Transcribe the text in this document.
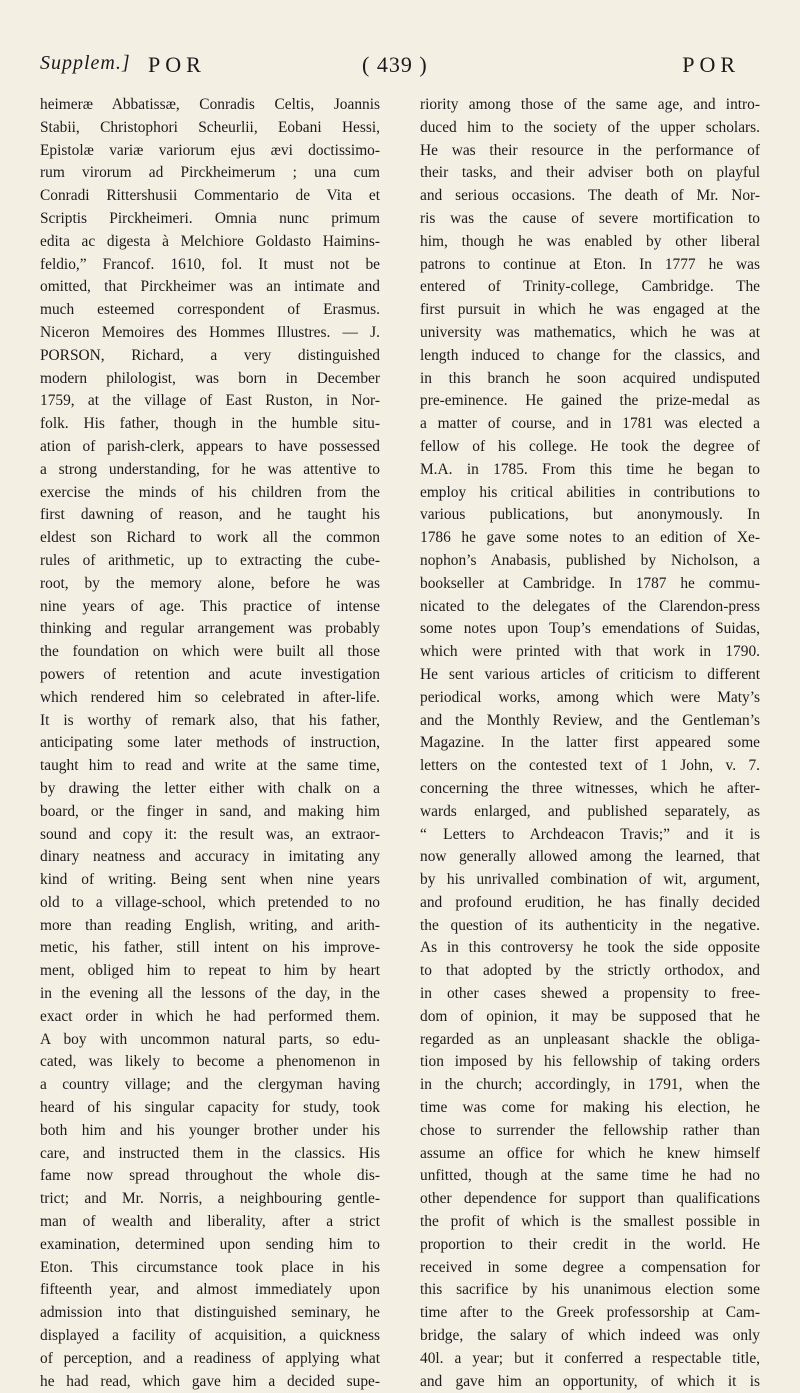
Supplem.] POR	( 439 )	POR
heimeræ Abbatissæ, Conradis Celtis, Joannis
Stabii, Christophori Scheurlii, Eobani Hessi,
Epistolæ variæ variorum ejus ævi doctissimo-
rum virorum ad Pirckheimerum ; una cum
Conradi Rittershusii Commentario de Vita et
Scriptis Pirckheimeri. Omnia nunc primum
edita ac digesta à Melchiore Goldasto Haimins-
feldio,” Francof. 1610, fol. It must not be
omitted, that Pirckheimer was an intimate and
much esteemed correspondent of Erasmus.
Niceron Memoires des Hommes Illustres. — J.
PORSON, Richard, a very distinguished
modern philologist, was born in December
1759, at the village of East Ruston, in Nor-
folk. His father, though in the humble situ-
ation of parish-clerk, appears to have possessed
a strong understanding, for he was attentive to
exercise the minds of his children from the
first dawning of reason, and he taught his
eldest son Richard to work all the common
rules of arithmetic, up to extracting the cube-
root, by the memory alone, before he was
nine years of age. This practice of intense
thinking and regular arrangement was probably
the foundation on which were built all those
powers of retention and acute investigation
which rendered him so celebrated in after-life.
It is worthy of remark also, that his father,
anticipating some later methods of instruction,
taught him to read and write at the same time,
by drawing the letter either with chalk on a
board, or the finger in sand, and making him
sound and copy it: the result was, an extraor-
dinary neatness and accuracy in imitating any
kind of writing. Being sent when nine years
old to a village-school, which pretended to no
more than reading English, writing, and arith-
metic, his father, still intent on his improve-
ment, obliged him to repeat to him by heart
in the evening all the lessons of the day, in the
exact order in which he had performed them.
A boy with uncommon natural parts, so edu-
cated, was likely to become a phenomenon in
a country village; and the clergyman having
heard of his singular capacity for study, took
both him and his younger brother under his
care, and instructed them in the classics. His
fame now spread throughout the whole dis-
trict; and Mr. Norris, a neighbouring gentle-
man of wealth and liberality, after a strict
examination, determined upon sending him to
Eton. This circumstance took place in his
fifteenth year, and almost immediately upon
admission into that distinguished seminary, he
displayed a facility of acquisition, a quickness
of perception, and a readiness of applying what
he had read, which gave him a decided supe-
riority among those of the same age, and intro-
duced him to the society of the upper scholars.
He was their resource in the performance of
their tasks, and their adviser both on playful
and serious occasions. The death of Mr. Nor-
ris was the cause of severe mortification to
him, though he was enabled by other liberal
patrons to continue at Eton. In 1777 he was
entered of Trinity-college, Cambridge. The
first pursuit in which he was engaged at the
university was mathematics, which he was at
length induced to change for the classics, and
in this branch he soon acquired undisputed
pre-eminence. He gained the prize-medal as
a matter of course, and in 1781 was elected a
fellow of his college. He took the degree of
M.A. in 1785. From this time he began to
employ his critical abilities in contributions to
various publications, but anonymously. In
1786 he gave some notes to an edition of Xe-
nophon’s Anabasis, published by Nicholson, a
bookseller at Cambridge. In 1787 he commu-
nicated to the delegates of the Clarendon-press
some notes upon Toup’s emendations of Suidas,
which were printed with that work in 1790.
He sent various articles of criticism to different
periodical works, among which were Maty’s
and the Monthly Review, and the Gentleman’s
Magazine. In the latter first appeared some
letters on the contested text of 1 John, v. 7.
concerning the three witnesses, which he after-
wards enlarged, and published separately, as
“ Letters to Archdeacon Travis;” and it is
now generally allowed among the learned, that
by his unrivalled combination of wit, argument,
and profound erudition, he has finally decided
the question of its authenticity in the negative.
As in this controversy he took the side opposite
to that adopted by the strictly orthodox, and
in other cases shewed a propensity to free-
dom of opinion, it may be supposed that he
regarded as an unpleasant shackle the obliga-
tion imposed by his fellowship of taking orders
in the church; accordingly, in 1791, when the
time was come for making his election, he
chose to surrender the fellowship rather than
assume an office for which he knew himself
unfitted, though at the same time he had no
other dependence for support than qualifications
the profit of which is the smallest possible in
proportion to their credit in the world. He
received in some degree a compensation for
this sacrifice by his unanimous election some
time after to the Greek professorship at Cam-
bridge, the salary of which indeed was only
40l. a year; but it conferred a respectable title,
and gave him an opportunity, of which it is
